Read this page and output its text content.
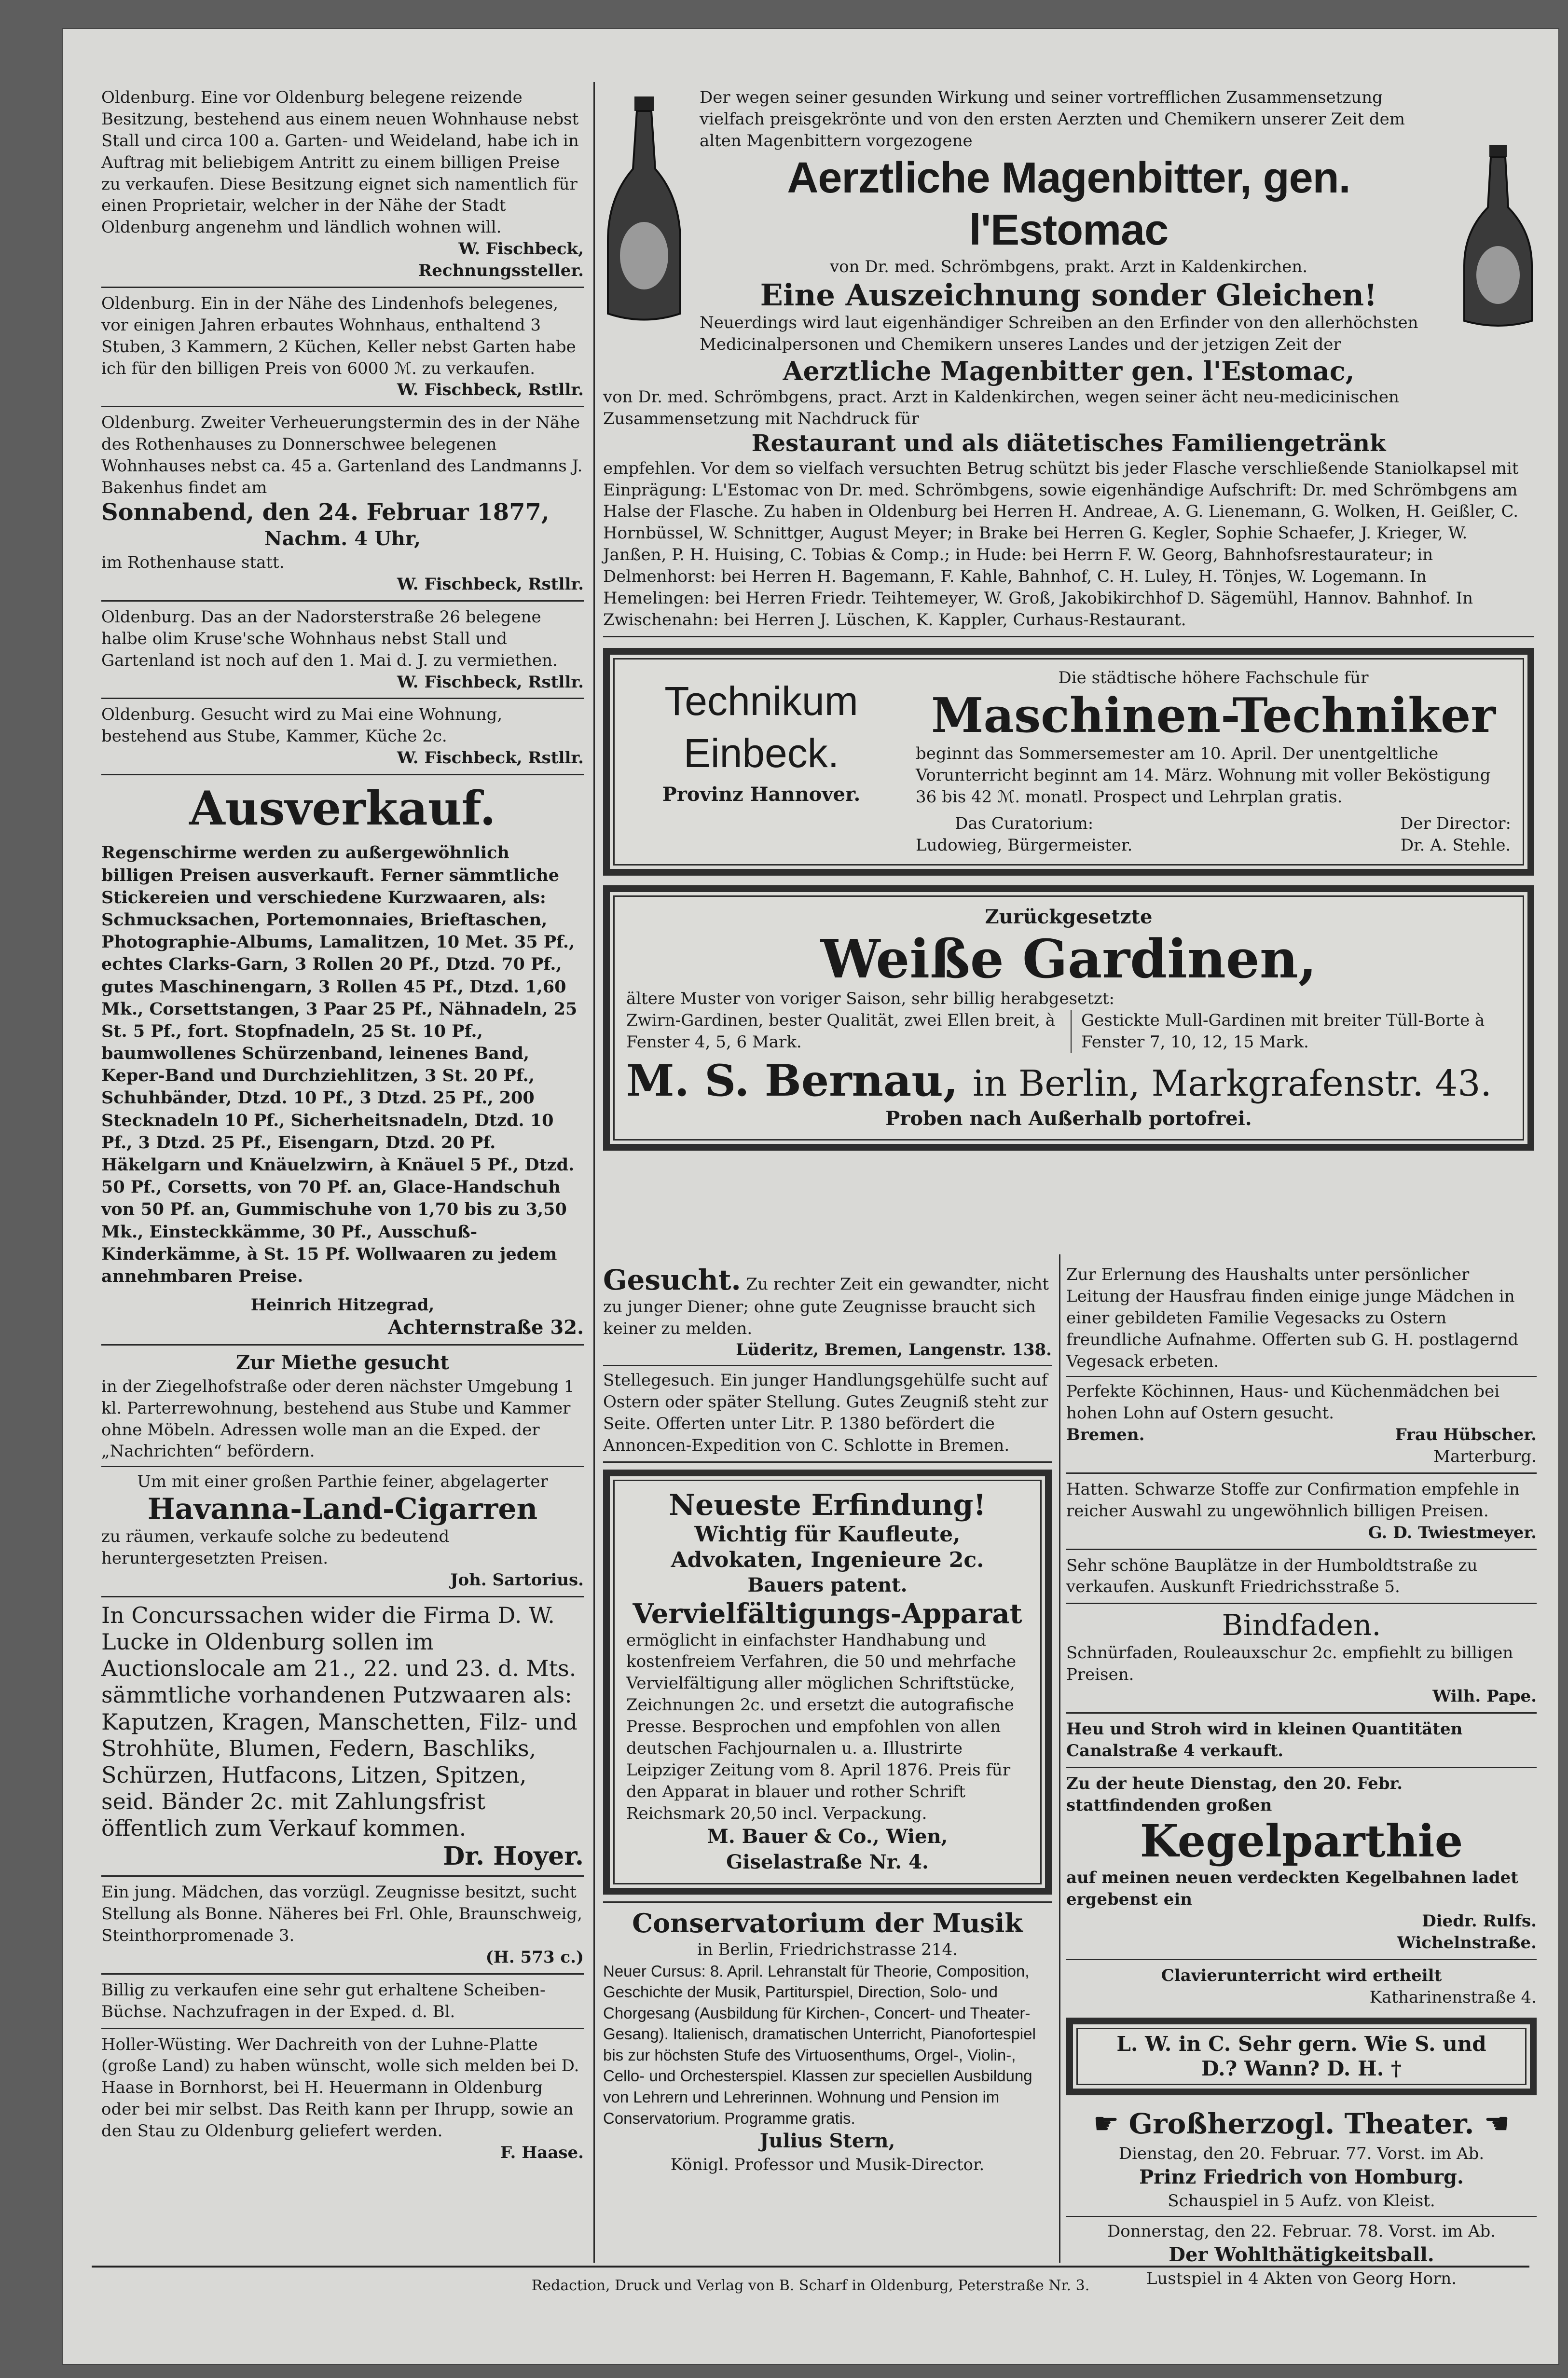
Oldenburg. Eine vor Oldenburg belegene reizende Besitzung, bestehend aus einem neuen Wohnhause nebst Stall und circa 100 a. Garten- und Weideland, habe ich in Auftrag mit beliebigem Antritt zu einem billigen Preise zu verkaufen. Diese Besitzung eignet sich namentlich für einen Proprietair, welcher in der Nähe der Stadt Oldenburg angenehm und ländlich wohnen will.

W. Fischbeck,

Rechnungssteller.

Oldenburg. Ein in der Nähe des Lindenhofs belegenes, vor einigen Jahren erbautes Wohnhaus, enthaltend 3 Stuben, 3 Kammern, 2 Küchen, Keller nebst Garten habe ich für den billigen Preis von 6000 ℳ. zu verkaufen.

W. Fischbeck, Rstllr.

Oldenburg. Zweiter Verheuerungstermin des in der Nähe des Rothenhauses zu Donnerschwee belegenen Wohnhauses nebst ca. 45 a. Gartenland des Landmanns J. Bakenhus findet am

Sonnabend, den 24. Februar 1877,

Nachm. 4 Uhr,

im Rothenhause statt.

W. Fischbeck, Rstllr.

Oldenburg. Das an der Nadorsterstraße 26 belegene halbe olim Kruse'sche Wohnhaus nebst Stall und Gartenland ist noch auf den 1. Mai d. J. zu vermiethen.

W. Fischbeck, Rstllr.

Oldenburg. Gesucht wird zu Mai eine Wohnung, bestehend aus Stube, Kammer, Küche 2c.

W. Fischbeck, Rstllr.

Ausverkauf.

Regenschirme werden zu außergewöhnlich billigen Preisen ausverkauft. Ferner sämmtliche Stickereien und verschiedene Kurzwaaren, als: Schmucksachen, Portemonnaies, Brieftaschen, Photographie-Albums, Lamalitzen, 10 Met. 35 Pf., echtes Clarks-Garn, 3 Rollen 20 Pf., Dtzd. 70 Pf., gutes Maschinengarn, 3 Rollen 45 Pf., Dtzd. 1,60 Mk., Corsettstangen, 3 Paar 25 Pf., Nähnadeln, 25 St. 5 Pf., fort. Stopfnadeln, 25 St. 10 Pf., baumwollenes Schürzenband, leinenes Band, Keper-Band und Durchziehlitzen, 3 St. 20 Pf., Schuhbänder, Dtzd. 10 Pf., 3 Dtzd. 25 Pf., 200 Stecknadeln 10 Pf., Sicherheitsnadeln, Dtzd. 10 Pf., 3 Dtzd. 25 Pf., Eisengarn, Dtzd. 20 Pf. Häkelgarn und Knäuelzwirn, à Knäuel 5 Pf., Dtzd. 50 Pf., Corsetts, von 70 Pf. an, Glace-Handschuh von 50 Pf. an, Gummischuhe von 1,70 bis zu 3,50 Mk., Einsteckkämme, 30 Pf., Ausschuß-Kinderkämme, à St. 15 Pf. Wollwaaren zu jedem annehmbaren Preise.

Heinrich Hitzegrad,

Achternstraße 32.

Zur Miethe gesucht

in der Ziegelhofstraße oder deren nächster Umgebung 1 kl. Parterrewohnung, bestehend aus Stube und Kammer ohne Möbeln. Adressen wolle man an die Exped. der „Nachrichten“ befördern.

Um mit einer großen Parthie feiner, abgelagerter

Havanna-Land-Cigarren

zu räumen, verkaufe solche zu bedeutend heruntergesetzten Preisen.

Joh. Sartorius.

In Concurssachen wider die Firma D. W. Lucke in Oldenburg sollen im Auctionslocale am 21., 22. und 23. d. Mts. sämmtliche vorhandenen Putzwaaren als: Kaputzen, Kragen, Manschetten, Filz- und Strohhüte, Blumen, Federn, Baschliks, Schürzen, Hutfacons, Litzen, Spitzen, seid. Bänder 2c. mit Zahlungsfrist öffentlich zum Verkauf kommen.

Dr. Hoyer.

Ein jung. Mädchen, das vorzügl. Zeugnisse besitzt, sucht Stellung als Bonne. Näheres bei Frl. Ohle, Braunschweig, Steinthorpromenade 3.

(H. 573 c.)

Billig zu verkaufen eine sehr gut erhaltene Scheiben-Büchse. Nachzufragen in der Exped. d. Bl.

Holler-Wüsting. Wer Dachreith von der Luhne-Platte (große Land) zu haben wünscht, wolle sich melden bei D. Haase in Bornhorst, bei H. Heuermann in Oldenburg oder bei mir selbst. Das Reith kann per Ihrupp, sowie an den Stau zu Oldenburg geliefert werden.

F. Haase.

Der wegen seiner gesunden Wirkung und seiner vortrefflichen Zusammensetzung vielfach preisgekrönte und von den ersten Aerzten und Chemikern unserer Zeit dem alten Magenbittern vorgezogene

Aerztliche Magenbitter, gen. l'Estomac

von Dr. med. Schrömbgens, prakt. Arzt in Kaldenkirchen.

Eine Auszeichnung sonder Gleichen!

Neuerdings wird laut eigenhändiger Schreiben an den Erfinder von den allerhöchsten Medicinalpersonen und Chemikern unseres Landes und der jetzigen Zeit der

Aerztliche Magenbitter gen. l'Estomac,

von Dr. med. Schrömbgens, pract. Arzt in Kaldenkirchen, wegen seiner ächt neu-medicinischen Zusammensetzung mit Nachdruck für

Restaurant und als diätetisches Familiengetränk

empfehlen. Vor dem so vielfach versuchten Betrug schützt bis jeder Flasche verschließende Staniolkapsel mit Einprägung: L'Estomac von Dr. med. Schrömbgens, sowie eigenhändige Aufschrift: Dr. med Schrömbgens am Halse der Flasche. Zu haben in Oldenburg bei Herren H. Andreae, A. G. Lienemann, G. Wolken, H. Geißler, C. Hornbüssel, W. Schnittger, August Meyer; in Brake bei Herren G. Kegler, Sophie Schaefer, J. Krieger, W. Janßen, P. H. Huising, C. Tobias & Comp.; in Hude: bei Herrn F. W. Georg, Bahnhofsrestaurateur; in Delmenhorst: bei Herren H. Bagemann, F. Kahle, Bahnhof, C. H. Luley, H. Tönjes, W. Logemann. In Hemelingen: bei Herren Friedr. Teihtemeyer, W. Groß, Jakobikirchhof D. Sägemühl, Hannov. Bahnhof. In Zwischenahn: bei Herren J. Lüschen, K. Kappler, Curhaus-Restaurant.

Technikum

Einbeck.

Provinz Hannover.

Die städtische höhere Fachschule für

Maschinen-Techniker

beginnt das Sommersemester am 10. April. Der unentgeltliche Vorunterricht beginnt am 14. März. Wohnung mit voller Beköstigung 36 bis 42 ℳ. monatl. Prospect und Lehrplan gratis.

Das Curatorium:

Ludowieg, Bürgermeister.

Der Director:

Dr. A. Stehle.

Zurückgesetzte

Weiße Gardinen,

ältere Muster von voriger Saison, sehr billig herabgesetzt:

Zwirn-Gardinen, bester Qualität, zwei Ellen breit, à Fenster 4, 5, 6 Mark.

Gestickte Mull-Gardinen mit breiter Tüll-Borte à Fenster 7, 10, 12, 15 Mark.

M. S. Bernau, in Berlin, Markgrafenstr. 43.

Proben nach Außerhalb portofrei.

Gesucht. Zu rechter Zeit ein gewandter, nicht zu junger Diener; ohne gute Zeugnisse braucht sich keiner zu melden.

Lüderitz, Bremen, Langenstr. 138.

Stellegesuch. Ein junger Handlungsgehülfe sucht auf Ostern oder später Stellung. Gutes Zeugniß steht zur Seite. Offerten unter Litr. P. 1380 befördert die Annoncen-Expedition von C. Schlotte in Bremen.

Neueste Erfindung!

Wichtig für Kaufleute, Advokaten, Ingenieure 2c.

Bauers patent.

Vervielfältigungs-Apparat

ermöglicht in einfachster Handhabung und kostenfreiem Verfahren, die 50 und mehrfache Vervielfältigung aller möglichen Schriftstücke, Zeichnungen 2c. und ersetzt die autografische Presse. Besprochen und empfohlen von allen deutschen Fachjournalen u. a. Illustrirte Leipziger Zeitung vom 8. April 1876. Preis für den Apparat in blauer und rother Schrift Reichsmark 20,50 incl. Verpackung.

M. Bauer & Co., Wien,

Giselastraße Nr. 4.

Conservatorium der Musik

in Berlin, Friedrichstrasse 214.

Neuer Cursus: 8. April. Lehranstalt für Theorie, Composition, Geschichte der Musik, Partiturspiel, Direction, Solo- und Chorgesang (Ausbildung für Kirchen-, Concert- und Theater-Gesang). Italienisch, dramatischen Unterricht, Pianofortespiel bis zur höchsten Stufe des Virtuosenthums, Orgel-, Violin-, Cello- und Orchesterspiel. Klassen zur speciellen Ausbildung von Lehrern und Lehrerinnen. Wohnung und Pension im Conservatorium. Programme gratis.

Julius Stern,

Königl. Professor und Musik-Director.

Zur Erlernung des Haushalts unter persönlicher Leitung der Hausfrau finden einige junge Mädchen in einer gebildeten Familie Vegesacks zu Ostern freundliche Aufnahme. Offerten sub G. H. postlagernd Vegesack erbeten.

Perfekte Köchinnen, Haus- und Küchenmädchen bei hohen Lohn auf Ostern gesucht.

Bremen.	Frau Hübscher.

Marterburg.

Hatten. Schwarze Stoffe zur Confirmation empfehle in reicher Auswahl zu ungewöhnlich billigen Preisen.

G. D. Twiestmeyer.

Sehr schöne Bauplätze in der Humboldtstraße zu verkaufen. Auskunft Friedrichsstraße 5.

Bindfaden.

Schnürfaden, Rouleauxschur 2c. empfiehlt zu billigen Preisen.

Wilh. Pape.

Heu und Stroh wird in kleinen Quantitäten Canalstraße 4 verkauft.

Zu der heute Dienstag, den 20. Febr. stattfindenden großen

Kegelparthie

auf meinen neuen verdeckten Kegelbahnen ladet ergebenst ein

Diedr. Rulfs.

Wichelnstraße.

Clavierunterricht wird ertheilt

Katharinenstraße 4.

L. W. in C. Sehr gern. Wie S. und

D.? Wann? D. H. †

☛ Großherzogl. Theater. ☚

Dienstag, den 20. Februar. 77. Vorst. im Ab.

Prinz Friedrich von Homburg.

Schauspiel in 5 Aufz. von Kleist.

Donnerstag, den 22. Februar. 78. Vorst. im Ab.

Der Wohlthätigkeitsball.

Lustspiel in 4 Akten von Georg Horn.

Redaction, Druck und Verlag von B. Scharf in Oldenburg, Peterstraße Nr. 3.
